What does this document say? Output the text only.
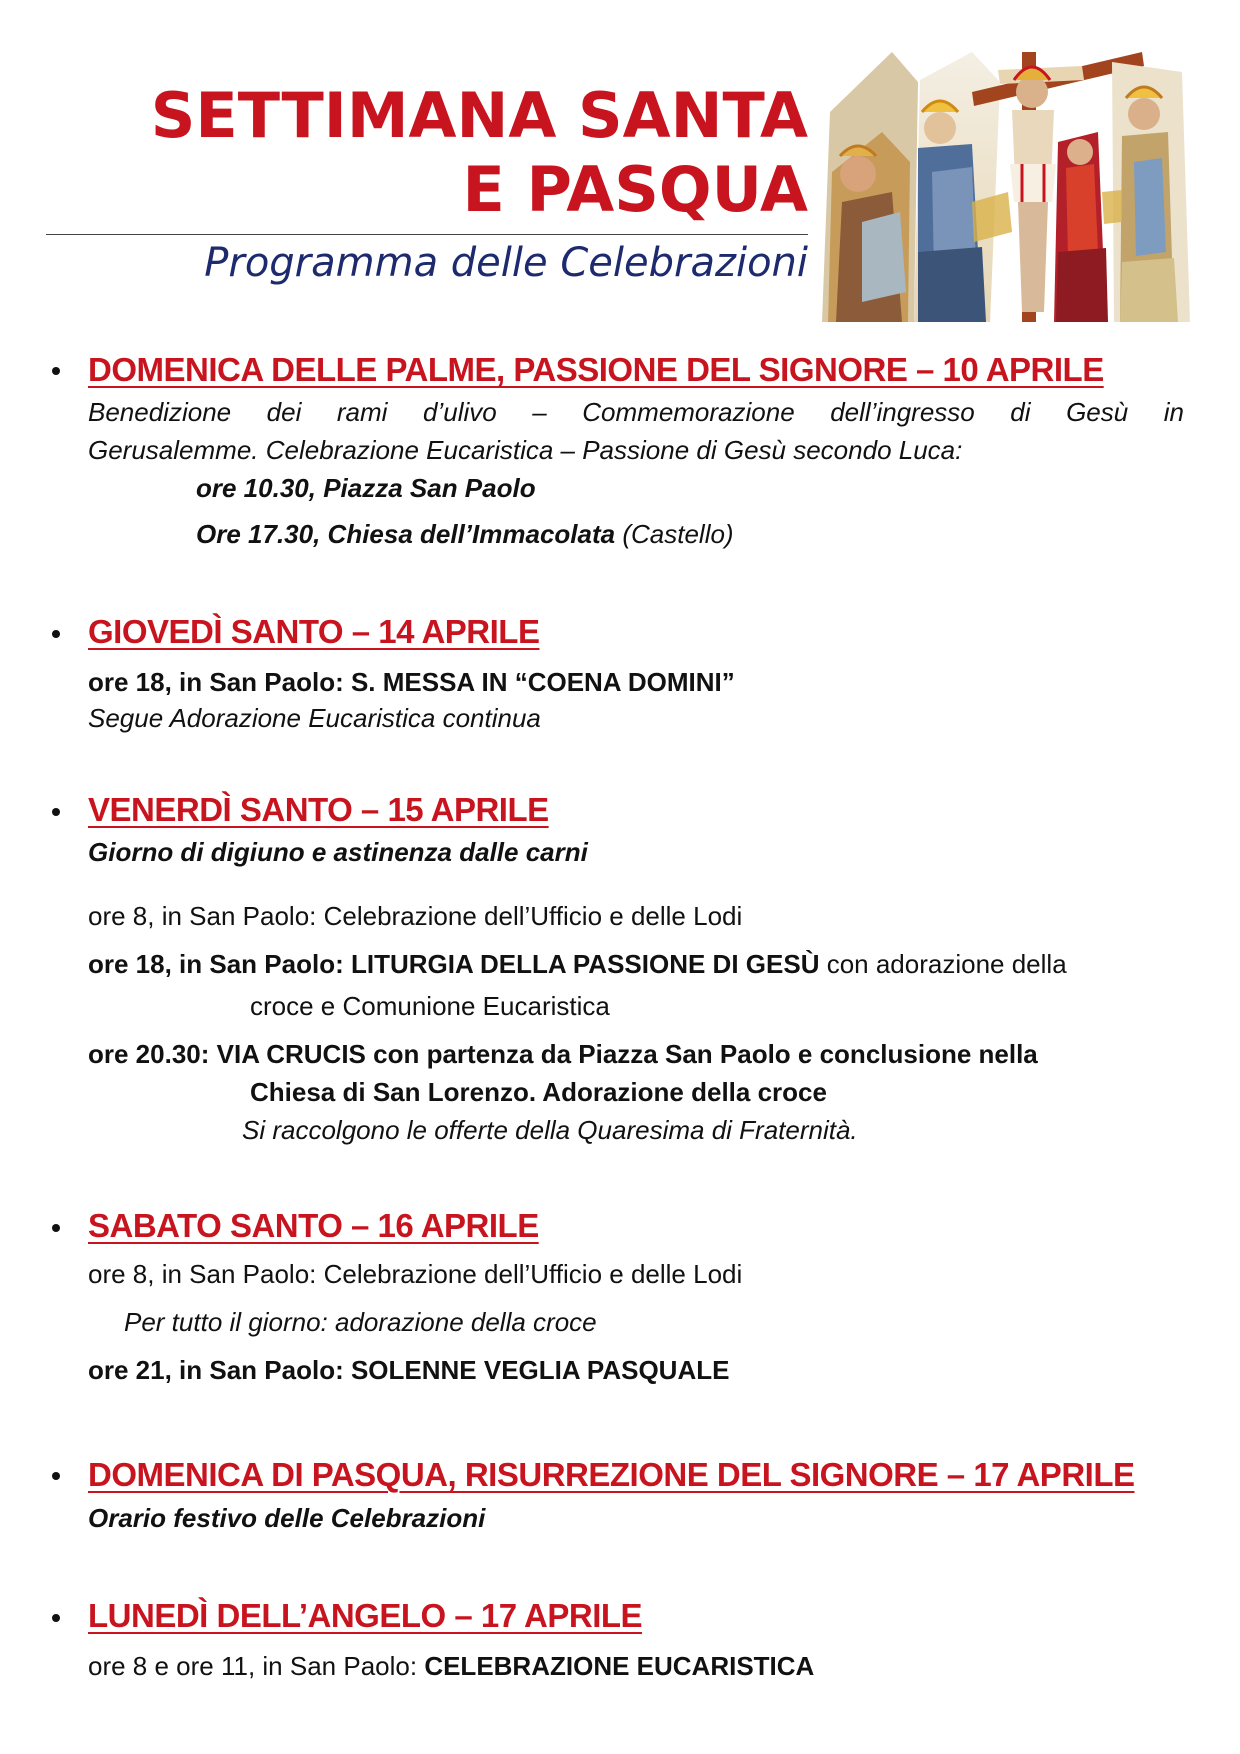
SETTIMANA SANTA
E PASQUA
Programma delle Celebrazioni
DOMENICA DELLE PALME, PASSIONE DEL SIGNORE – 10 APRILE
Benedizione dei rami d’ulivo – Commemorazione dell’ingresso di Gesù in
Gerusalemme. Celebrazione Eucaristica – Passione di Gesù secondo Luca:
ore 10.30, Piazza San Paolo
Ore 17.30, Chiesa dell’Immacolata (Castello)
GIOVEDÌ SANTO – 14 APRILE
ore 18, in San Paolo: S. MESSA IN “COENA DOMINI”
Segue Adorazione Eucaristica continua
VENERDÌ SANTO – 15 APRILE
Giorno di digiuno e astinenza dalle carni
ore 8, in San Paolo: Celebrazione dell’Ufficio e delle Lodi
ore 18, in San Paolo: LITURGIA DELLA PASSIONE DI GESÙ con adorazione della
croce e Comunione Eucaristica
ore 20.30: VIA CRUCIS con partenza da Piazza San Paolo e conclusione nella
Chiesa di San Lorenzo. Adorazione della croce
Si raccolgono le offerte della Quaresima di Fraternità.
SABATO SANTO – 16 APRILE
ore 8, in San Paolo: Celebrazione dell’Ufficio e delle Lodi
Per tutto il giorno: adorazione della croce
ore 21, in San Paolo: SOLENNE VEGLIA PASQUALE
DOMENICA DI PASQUA, RISURREZIONE DEL SIGNORE – 17 APRILE
Orario festivo delle Celebrazioni
LUNEDÌ DELL’ANGELO – 17 APRILE
ore 8 e ore 11, in San Paolo: CELEBRAZIONE EUCARISTICA
